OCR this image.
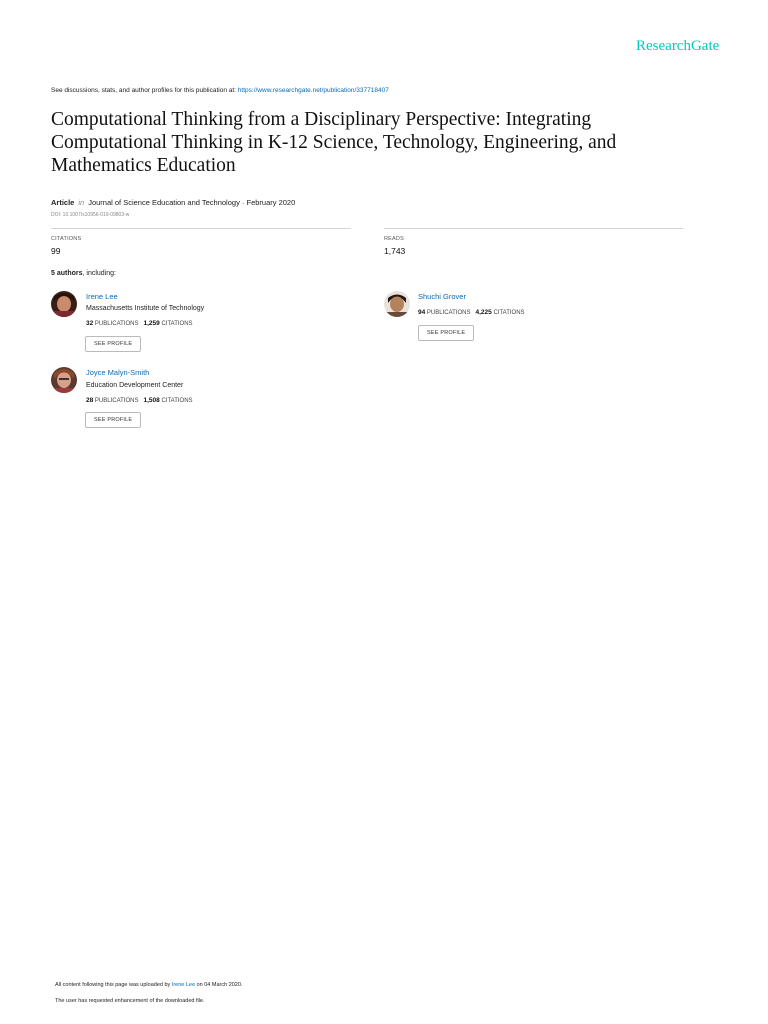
ResearchGate
See discussions, stats, and author profiles for this publication at: https://www.researchgate.net/publication/337718407
Computational Thinking from a Disciplinary Perspective: Integrating Computational Thinking in K-12 Science, Technology, Engineering, and Mathematics Education
Article in Journal of Science Education and Technology · February 2020
DOI: 10.1007/s10956-019-09803-w
CITATIONS
99
READS
1,743
5 authors, including:
Irene Lee
Massachusetts Institute of Technology
32 PUBLICATIONS 1,259 CITATIONS
SEE PROFILE
Shuchi Grover
94 PUBLICATIONS 4,225 CITATIONS
SEE PROFILE
Joyce Malyn-Smith
Education Development Center
28 PUBLICATIONS 1,508 CITATIONS
SEE PROFILE
All content following this page was uploaded by Irene Lee on 04 March 2020.
The user has requested enhancement of the downloaded file.
